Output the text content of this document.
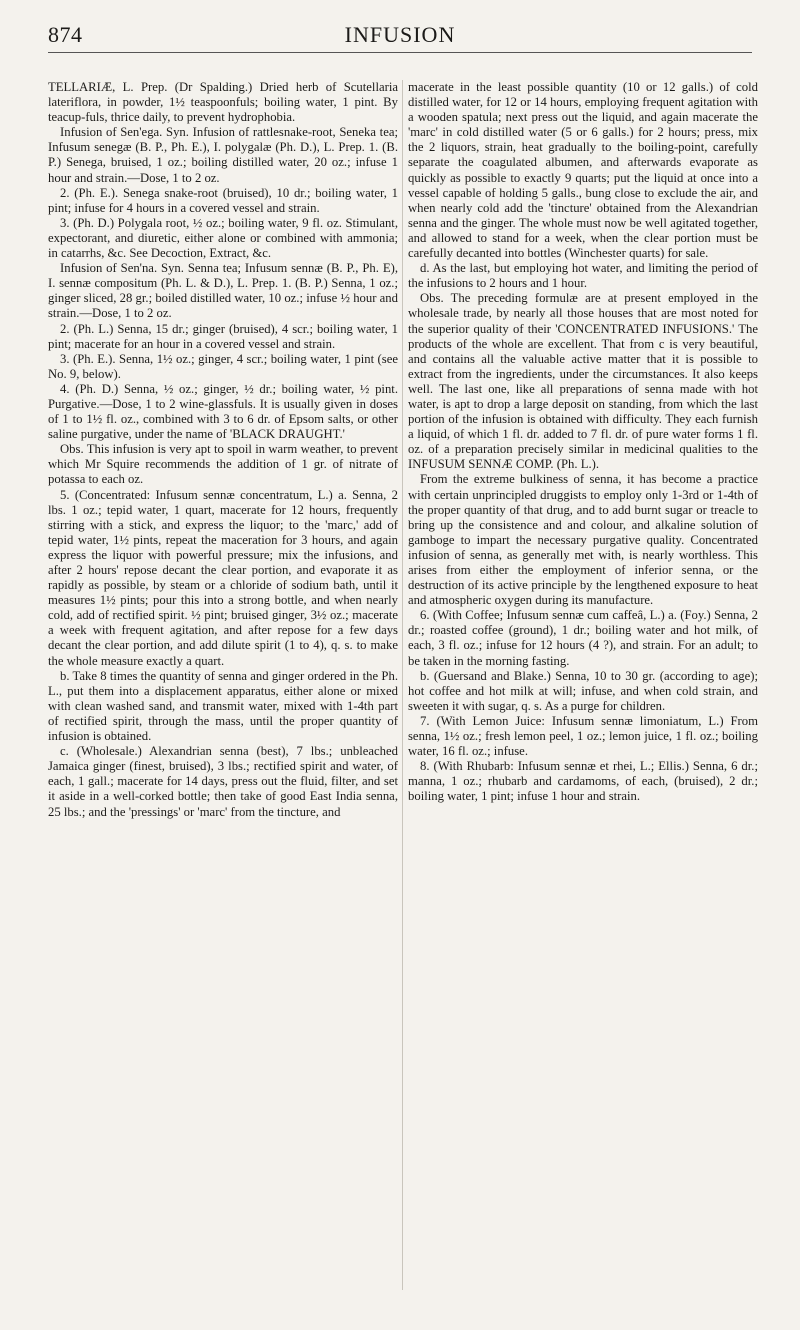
874	INFUSION

TELLARIÆ, L. Prep. (Dr Spalding.) Dried herb of Scutellaria lateriflora, in powder, 1½ teaspoonfuls; boiling water, 1 pint. By teacup-fuls, thrice daily, to prevent hydrophobia.

Infusion of Sen'ega. Syn. Infusion of rattlesnake-root, Seneka tea; Infusum senegæ (B. P., Ph. E.), I. polygalæ (Ph. D.), L. Prep. 1. (B. P.) Senega, bruised, 1 oz.; boiling distilled water, 20 oz.; infuse 1 hour and strain.—Dose, 1 to 2 oz.

2. (Ph. E.). Senega snake-root (bruised), 10 dr.; boiling water, 1 pint; infuse for 4 hours in a covered vessel and strain.

3. (Ph. D.) Polygala root, ½ oz.; boiling water, 9 fl. oz. Stimulant, expectorant, and diuretic, either alone or combined with ammonia; in catarrhs, &c. See Decoction, Extract, &c.

Infusion of Sen'na. Syn. Senna tea; Infusum sennæ (B. P., Ph. E), I. sennæ compositum (Ph. L. & D.), L. Prep. 1. (B. P.) Senna, 1 oz.; ginger sliced, 28 gr.; boiled distilled water, 10 oz.; infuse ½ hour and strain.—Dose, 1 to 2 oz.

2. (Ph. L.) Senna, 15 dr.; ginger (bruised), 4 scr.; boiling water, 1 pint; macerate for an hour in a covered vessel and strain.

3. (Ph. E.). Senna, 1½ oz.; ginger, 4 scr.; boiling water, 1 pint (see No. 9, below).

4. (Ph. D.) Senna, ½ oz.; ginger, ½ dr.; boiling water, ½ pint. Purgative.—Dose, 1 to 2 wine-glassfuls. It is usually given in doses of 1 to 1½ fl. oz., combined with 3 to 6 dr. of Epsom salts, or other saline purgative, under the name of 'BLACK DRAUGHT.'

Obs. This infusion is very apt to spoil in warm weather, to prevent which Mr Squire recommends the addition of 1 gr. of nitrate of potassa to each oz.

5. (Concentrated: Infusum sennæ concentratum, L.) a. Senna, 2 lbs. 1 oz.; tepid water, 1 quart, macerate for 12 hours, frequently stirring with a stick, and express the liquor; to the 'marc,' add of tepid water, 1½ pints, repeat the maceration for 3 hours, and again express the liquor with powerful pressure; mix the infusions, and after 2 hours' repose decant the clear portion, and evaporate it as rapidly as possible, by steam or a chloride of sodium bath, until it measures 1½ pints; pour this into a strong bottle, and when nearly cold, add of rectified spirit. ½ pint; bruised ginger, 3½ oz.; macerate a week with frequent agitation, and after repose for a few days decant the clear portion, and add dilute spirit (1 to 4), q. s. to make the whole measure exactly a quart.

b. Take 8 times the quantity of senna and ginger ordered in the Ph. L., put them into a displacement apparatus, either alone or mixed with clean washed sand, and transmit water, mixed with 1-4th part of rectified spirit, through the mass, until the proper quantity of infusion is obtained.

c. (Wholesale.) Alexandrian senna (best), 7 lbs.; unbleached Jamaica ginger (finest, bruised), 3 lbs.; rectified spirit and water, of each, 1 gall.; macerate for 14 days, press out the fluid, filter, and set it aside in a well-corked bottle; then take of good East India senna, 25 lbs.; and the 'pressings' or 'marc' from the tincture, and

macerate in the least possible quantity (10 or 12 galls.) of cold distilled water, for 12 or 14 hours, employing frequent agitation with a wooden spatula; next press out the liquid, and again macerate the 'marc' in cold distilled water (5 or 6 galls.) for 2 hours; press, mix the 2 liquors, strain, heat gradually to the boiling-point, carefully separate the coagulated albumen, and afterwards evaporate as quickly as possible to exactly 9 quarts; put the liquid at once into a vessel capable of holding 5 galls., bung close to exclude the air, and when nearly cold add the 'tincture' obtained from the Alexandrian senna and the ginger. The whole must now be well agitated together, and allowed to stand for a week, when the clear portion must be carefully decanted into bottles (Winchester quarts) for sale.

d. As the last, but employing hot water, and limiting the period of the infusions to 2 hours and 1 hour.

Obs. The preceding formulæ are at present employed in the wholesale trade, by nearly all those houses that are most noted for the superior quality of their 'CONCENTRATED INFUSIONS.' The products of the whole are excellent. That from c is very beautiful, and contains all the valuable active matter that it is possible to extract from the ingredients, under the circumstances. It also keeps well. The last one, like all preparations of senna made with hot water, is apt to drop a large deposit on standing, from which the last portion of the infusion is obtained with difficulty. They each furnish a liquid, of which 1 fl. dr. added to 7 fl. dr. of pure water forms 1 fl. oz. of a preparation precisely similar in medicinal qualities to the INFUSUM SENNÆ COMP. (Ph. L.).

From the extreme bulkiness of senna, it has become a practice with certain unprincipled druggists to employ only 1-3rd or 1-4th of the proper quantity of that drug, and to add burnt sugar or treacle to bring up the consistence and and colour, and alkaline solution of gamboge to impart the necessary purgative quality. Concentrated infusion of senna, as generally met with, is nearly worthless. This arises from either the employment of inferior senna, or the destruction of its active principle by the lengthened exposure to heat and atmospheric oxygen during its manufacture.

6. (With Coffee; Infusum sennæ cum caffeâ, L.) a. (Foy.) Senna, 2 dr.; roasted coffee (ground), 1 dr.; boiling water and hot milk, of each, 3 fl. oz.; infuse for 12 hours (4 ?), and strain. For an adult; to be taken in the morning fasting.

b. (Guersand and Blake.) Senna, 10 to 30 gr. (according to age); hot coffee and hot milk at will; infuse, and when cold strain, and sweeten it with sugar, q. s. As a purge for children.

7. (With Lemon Juice: Infusum sennæ limoniatum, L.) From senna, 1½ oz.; fresh lemon peel, 1 oz.; lemon juice, 1 fl. oz.; boiling water, 16 fl. oz.; infuse.

8. (With Rhubarb: Infusum sennæ et rhei, L.; Ellis.) Senna, 6 dr.; manna, 1 oz.; rhubarb and cardamoms, of each, (bruised), 2 dr.; boiling water, 1 pint; infuse 1 hour and strain.
